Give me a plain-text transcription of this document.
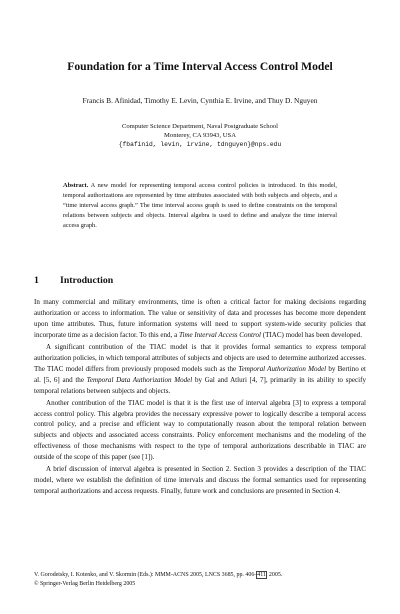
Foundation for a Time Interval Access Control Model
Francis B. Afinidad, Timothy E. Levin, Cynthia E. Irvine, and Thuy D. Nguyen
Computer Science Department, Naval Postgraduate School
Monterey, CA 93943, USA
{fbafinid, levin, irvine, tdnguyen}@nps.edu
Abstract. A new model for representing temporal access control policies is introduced. In this model, temporal authorizations are represented by time attributes associated with both subjects and objects, and a “time interval access graph.” The time interval access graph is used to define constraints on the temporal relations between subjects and objects. Interval algebra is used to define and analyze the time interval access graph.
1 Introduction

In many commercial and military environments, time is often a critical factor for making decisions regarding authorization or access to information. The value or sensitivity of data and processes has become more dependent upon time attributes. Thus, future information systems will need to support system-wide security policies that incorporate time as a decision factor. To this end, a Time Interval Access Control (TIAC) model has been developed.

A significant contribution of the TIAC model is that it provides formal semantics to express temporal authorization policies, in which temporal attributes of subjects and objects are used to determine authorized accesses. The TIAC model differs from previously proposed models such as the Temporal Authorization Model by Bertino et al. [5, 6] and the Temporal Data Authorization Model by Gal and Atluri [4, 7], primarily in its ability to specify temporal relations between subjects and objects.

Another contribution of the TIAC model is that it is the first use of interval algebra [3] to express a temporal access control policy. This algebra provides the necessary expressive power to logically describe a temporal access control policy, and a precise and efficient way to computationally reason about the temporal relation between subjects and objects and associated access constraints. Policy enforcement mechanisms and the modeling of the effectiveness of those mechanisms with respect to the type of temporal authorizations describable in TIAC are outside of the scope of this paper (see [1]).

A brief discussion of interval algebra is presented in Section 2. Section 3 provides a description of the TIAC model, where we establish the definition of time intervals and discuss the formal semantics used for representing temporal authorizations and access requests. Finally, future work and conclusions are presented in Section 4.

V. Gorodetsky, I. Kotenko, and V. Skormin (Eds.): MMM-ACNS 2005, LNCS 3685, pp. 406–411, 2005.
© Springer-Verlag Berlin Heidelberg 2005
